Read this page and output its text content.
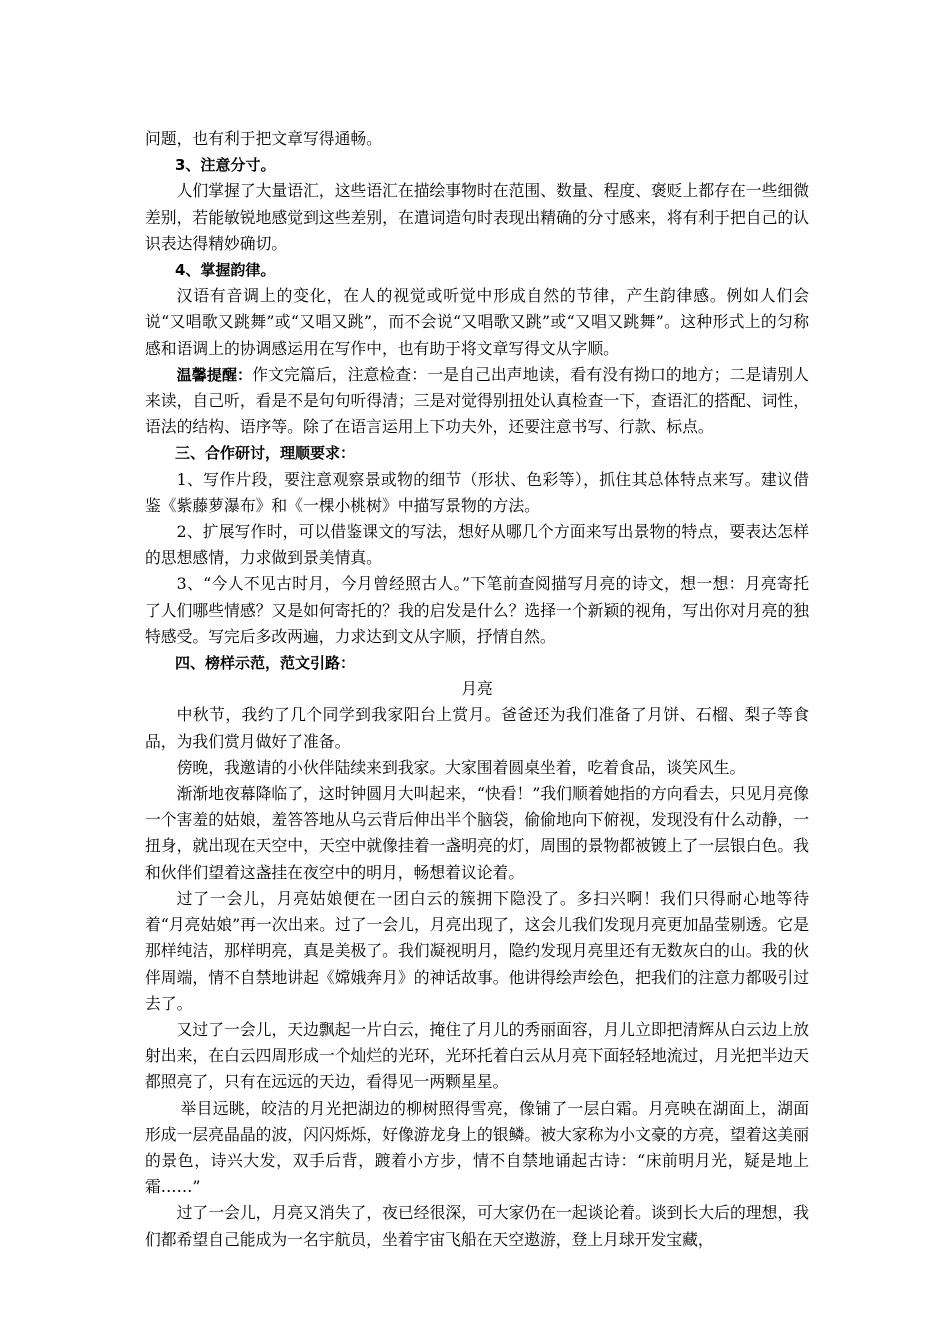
问题，也有利于把文章写得通畅。

3、注意分寸。

人们掌握了大量语汇，这些语汇在描绘事物时在范围、数量、程度、褒贬上都存在一些细微差别，若能敏锐地感觉到这些差别，在遣词造句时表现出精确的分寸感来，将有利于把自己的认识表达得精妙确切。

4、掌握韵律。

汉语有音调上的变化，在人的视觉或听觉中形成自然的节律，产生韵律感。例如人们会说“又唱歌又跳舞”或“又唱又跳”，而不会说“又唱歌又跳”或“又唱又跳舞”。这种形式上的匀称感和语调上的协调感运用在写作中，也有助于将文章写得文从字顺。

温馨提醒：作文完篇后，注意检查：一是自己出声地读，看有没有拗口的地方；二是请别人来读，自己听，看是不是句句听得清；三是对觉得别扭处认真检查一下，查语汇的搭配、词性，语法的结构、语序等。除了在语言运用上下功夫外，还要注意书写、行款、标点。

三、合作研讨，理顺要求：

1、写作片段，要注意观察景或物的细节（形状、色彩等），抓住其总体特点来写。建议借鉴《紫藤萝瀑布》和《一棵小桃树》中描写景物的方法。

2、扩展写作时，可以借鉴课文的写法，想好从哪几个方面来写出景物的特点，要表达怎样的思想感情，力求做到景美情真。

3、“今人不见古时月，今月曾经照古人。”下笔前查阅描写月亮的诗文，想一想：月亮寄托了人们哪些情感？又是如何寄托的？我的启发是什么？选择一个新颖的视角，写出你对月亮的独特感受。写完后多改两遍，力求达到文从字顺，抒情自然。

四、榜样示范，范文引路：

月亮

中秋节，我约了几个同学到我家阳台上赏月。爸爸还为我们准备了月饼、石榴、梨子等食品，为我们赏月做好了准备。

傍晚，我邀请的小伙伴陆续来到我家。大家围着圆桌坐着，吃着食品，谈笑风生。

渐渐地夜幕降临了，这时钟圆月大叫起来，“快看！”我们顺着她指的方向看去，只见月亮像一个害羞的姑娘，羞答答地从乌云背后伸出半个脑袋，偷偷地向下俯视，发现没有什么动静，一扭身，就出现在天空中，天空中就像挂着一盏明亮的灯，周围的景物都被镀上了一层银白色。我和伙伴们望着这盏挂在夜空中的明月，畅想着议论着。

过了一会儿，月亮姑娘便在一团白云的簇拥下隐没了。多扫兴啊！我们只得耐心地等待着“月亮姑娘”再一次出来。过了一会儿，月亮出现了，这会儿我们发现月亮更加晶莹剔透。它是那样纯洁，那样明亮，真是美极了。我们凝视明月，隐约发现月亮里还有无数灰白的山。我的伙伴周端，情不自禁地讲起《嫦娥奔月》的神话故事。他讲得绘声绘色，把我们的注意力都吸引过去了。

又过了一会儿，天边飘起一片白云，掩住了月儿的秀丽面容，月儿立即把清辉从白云边上放射出来，在白云四周形成一个灿烂的光环，光环托着白云从月亮下面轻轻地流过，月光把半边天都照亮了，只有在远远的天边，看得见一两颗星星。

举目远眺，皎洁的月光把湖边的柳树照得雪亮，像铺了一层白霜。月亮映在湖面上，湖面形成一层亮晶晶的波，闪闪烁烁，好像游龙身上的银鳞。被大家称为小文豪的方亮，望着这美丽的景色，诗兴大发，双手后背，踱着小方步，情不自禁地诵起古诗：“床前明月光，疑是地上霜……”

过了一会儿，月亮又消失了，夜已经很深，可大家仍在一起谈论着。谈到长大后的理想，我们都希望自己能成为一名宇航员，坐着宇宙飞船在天空遨游，登上月球开发宝藏，
